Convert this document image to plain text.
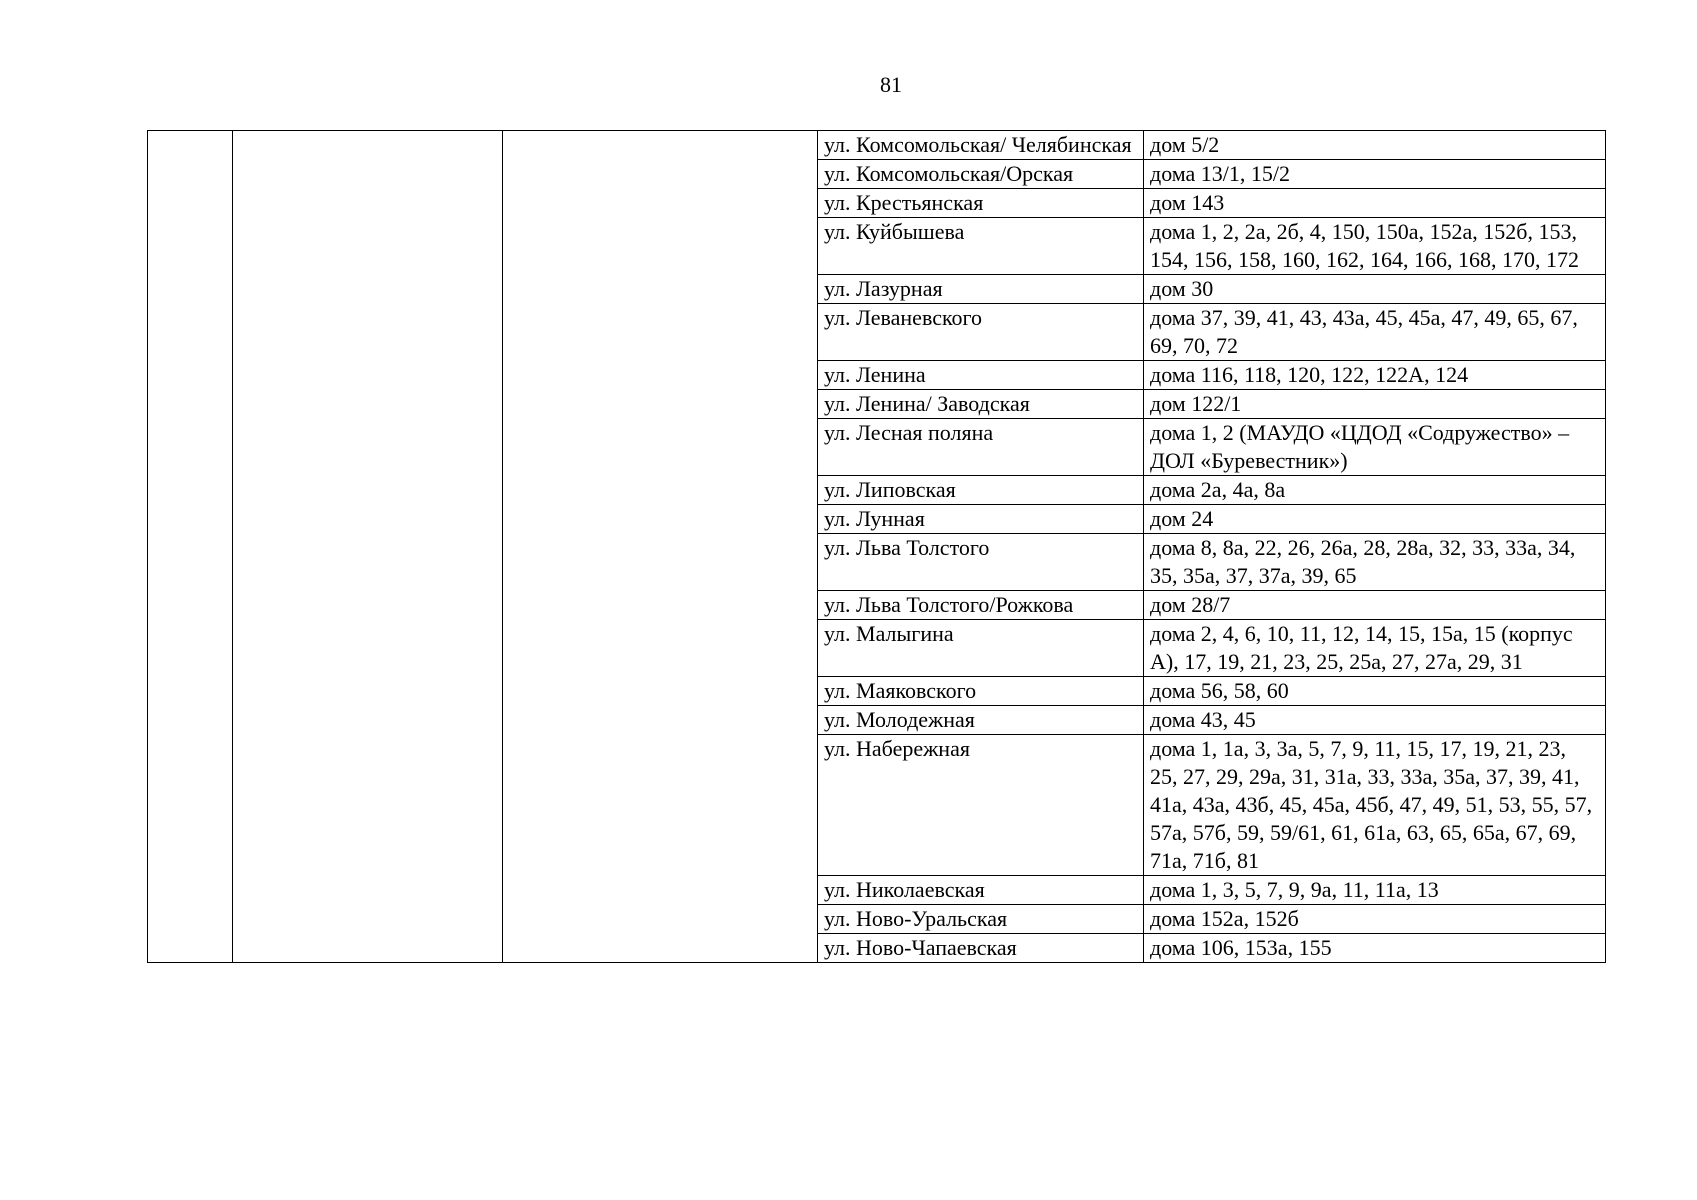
81
			ул. Комсомольская/ Челябинская	дом 5/2
			ул. Комсомольская/Орская	дома 13/1, 15/2
			ул. Крестьянская	дом 143
			ул. Куйбышева	дома 1, 2, 2а, 2б, 4, 150, 150а, 152а, 152б, 153, 154, 156, 158, 160, 162, 164, 166, 168, 170, 172
			ул. Лазурная	дом 30
			ул. Леваневского	дома 37, 39, 41, 43, 43а, 45, 45а, 47, 49, 65, 67, 69, 70, 72
			ул. Ленина	дома 116, 118, 120, 122, 122А, 124
			ул. Ленина/ Заводская	дом 122/1
			ул. Лесная поляна	дома 1, 2 (МАУДО «ЦДОД «Содружество» – ДОЛ «Буревестник»)
			ул. Липовская	дома 2а, 4а, 8а
			ул. Лунная	дом 24
			ул. Льва Толстого	дома 8, 8а, 22, 26, 26а, 28, 28а, 32, 33, 33а, 34, 35, 35а, 37, 37а, 39, 65
			ул. Льва Толстого/Рожкова	дом 28/7
			ул. Малыгина	дома 2, 4, 6, 10, 11, 12, 14, 15, 15а, 15 (корпус А), 17, 19, 21, 23, 25, 25а, 27, 27а, 29, 31
			ул. Маяковского	дома 56, 58, 60
			ул. Молодежная	дома 43, 45
			ул. Набережная	дома 1, 1а, 3, 3а, 5, 7, 9, 11, 15, 17, 19, 21, 23, 25, 27, 29, 29а, 31, 31а, 33, 33а, 35а, 37, 39, 41, 41а, 43а, 43б, 45, 45а, 45б, 47, 49, 51, 53, 55, 57, 57а, 57б, 59, 59/61, 61, 61а, 63, 65, 65а, 67, 69, 71а, 71б, 81
			ул. Николаевская	дома 1, 3, 5, 7, 9, 9а, 11, 11а, 13
			ул. Ново-Уральская	дома 152а, 152б
			ул. Ново-Чапаевская	дома 106, 153а, 155
